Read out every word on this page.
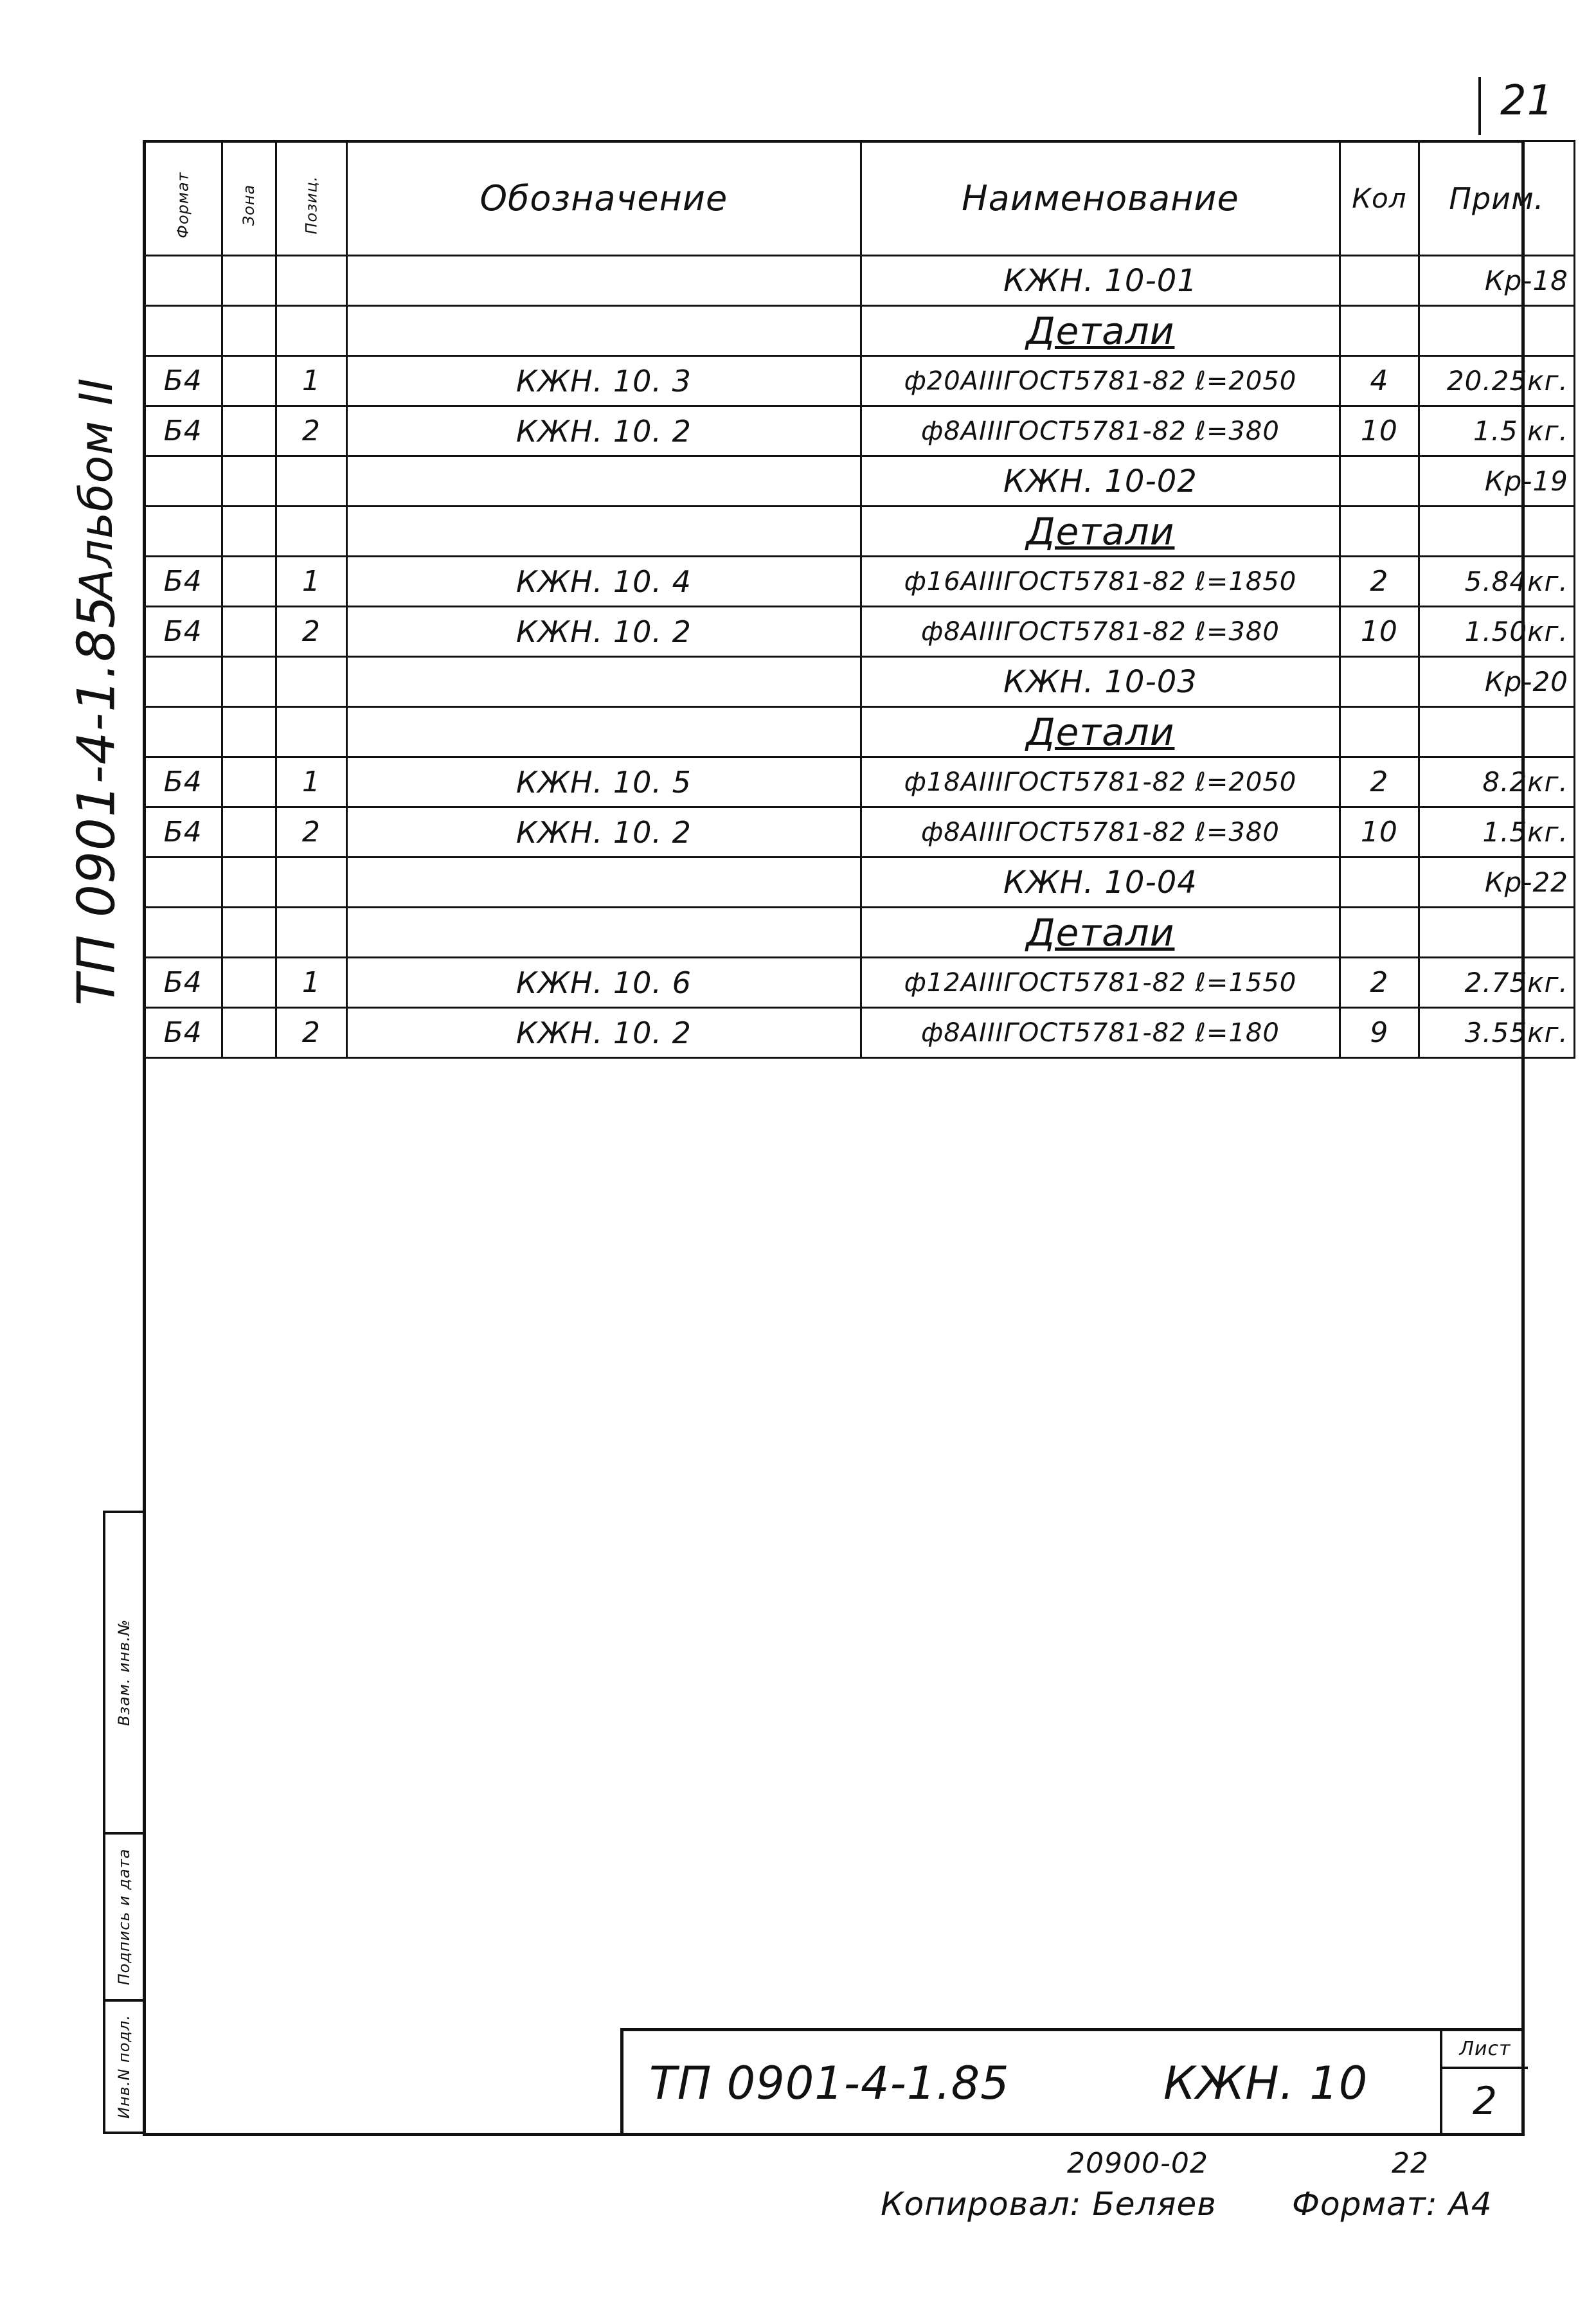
21
Альбом II
ТП 0901-4-1.85
Формат	Зона	Позиц.	Обозначение	Наименование	Кол	Прим.
				КЖН. 10-01		Кр-18
				Детали		
Б4		1	КЖН. 10. 3	ф20АIIIГОСТ5781-82 ℓ=2050	4	20.25кг.
Б4		2	КЖН. 10. 2	ф8АIIIГОСТ5781-82 ℓ=380	10	1.5 кг.
				КЖН. 10-02		Кр-19
				Детали		
Б4		1	КЖН. 10. 4	ф16АIIIГОСТ5781-82 ℓ=1850	2	5.84кг.
Б4		2	КЖН. 10. 2	ф8АIIIГОСТ5781-82 ℓ=380	10	1.50кг.
				КЖН. 10-03		Кр-20
				Детали		
Б4		1	КЖН. 10. 5	ф18АIIIГОСТ5781-82 ℓ=2050	2	8.2кг.
Б4		2	КЖН. 10. 2	ф8АIIIГОСТ5781-82 ℓ=380	10	1.5кг.
				КЖН. 10-04		Кр-22
				Детали		
Б4		1	КЖН. 10. 6	ф12АIIIГОСТ5781-82 ℓ=1550	2	2.75кг.
Б4		2	КЖН. 10. 2	ф8АIIIГОСТ5781-82 ℓ=180	9	3.55кг.
Взам. инв.№
Подпись и дата
Инв.N подл.	ТП 0901-4-1.85	КЖН. 10
Лист
2
20900-02	22
Копировал: Беляев Формат: А4
